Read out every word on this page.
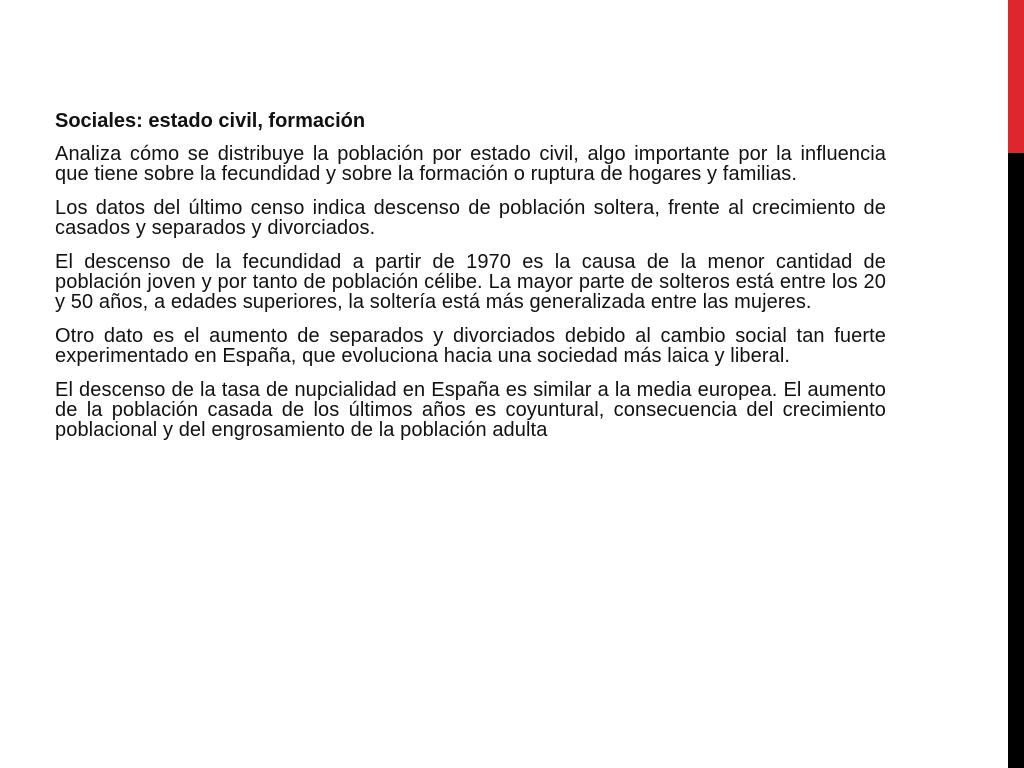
Sociales: estado civil, formación

Analiza cómo se distribuye la población por estado civil, algo importante por la influencia que tiene sobre la fecundidad y sobre la formación o ruptura de hogares y familias.

Los datos del último censo indica descenso de población soltera, frente al crecimiento de casados y separados y divorciados.

El descenso de la fecundidad a partir de 1970 es la causa de la menor cantidad de población joven y por tanto de población célibe. La mayor parte de solteros está entre los 20 y 50 años, a edades superiores, la soltería está más generalizada entre las mujeres.

Otro dato es el aumento de separados y divorciados debido al cambio social tan fuerte experimentado en España, que evoluciona hacia una sociedad más laica y liberal.

El descenso de la tasa de nupcialidad en España es similar a la media europea. El aumento de la población casada de los últimos años es coyuntural, consecuencia del crecimiento poblacional y del engrosamiento de la población adulta
